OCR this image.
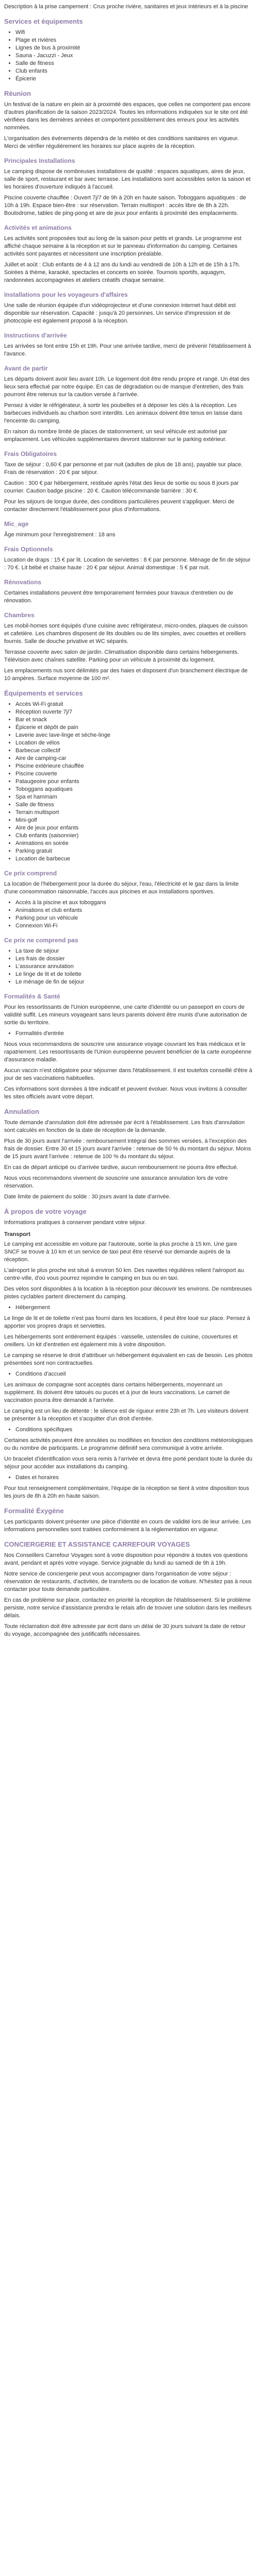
Description à la prise campement : Crus proche rivière, sanitaires et jeux intérieurs et à la piscine

Services et équipements
• Wifi
• Plage et rivières
• Lignes de bus à proximité
• Sauna - Jacuzzi - Jeux
• Salle de fitness
• Club enfants
• Épicerie
Réunion

Un festival de la nature en plein air à proximité des espaces, que celles ne comportent pas encore d'autres planification de la saison 2023/2024. Toutes les informations indiquées sur le site ont été vérifiées dans les dernières années et comportent possiblement des erreurs pour les activités nommées.

L'organisation des événements dépendra de la météo et des conditions sanitaires en vigueur. Merci de vérifier régulièrement les horaires sur place auprès de la réception.

Principales Installations

Le camping dispose de nombreuses installations de qualité : espaces aquatiques, aires de jeux, salle de sport, restaurant et bar avec terrasse. Les installations sont accessibles selon la saison et les horaires d'ouverture indiqués à l'accueil.

Piscine couverte chauffée : Ouvert 7j/7 de 9h à 20h en haute saison. Toboggans aquatiques : de 10h à 19h. Espace bien-être : sur réservation. Terrain multisport : accès libre de 8h à 22h. Boulodrome, tables de ping-pong et aire de jeux pour enfants à proximité des emplacements.

Activités et animations

Les activités sont proposées tout au long de la saison pour petits et grands. Le programme est affiché chaque semaine à la réception et sur le panneau d'information du camping. Certaines activités sont payantes et nécessitent une inscription préalable.

Juillet et août : Club enfants de 4 à 12 ans du lundi au vendredi de 10h à 12h et de 15h à 17h. Soirées à thème, karaoké, spectacles et concerts en soirée. Tournois sportifs, aquagym, randonnées accompagnées et ateliers créatifs chaque semaine.

Installations pour les voyageurs d'affaires

Une salle de réunion équipée d'un vidéoprojecteur et d'une connexion internet haut débit est disponible sur réservation. Capacité : jusqu'à 20 personnes. Un service d'impression et de photocopie est également proposé à la réception.

Instructions d'arrivée

Les arrivées se font entre 15h et 19h. Pour une arrivée tardive, merci de prévenir l'établissement à l'avance.

Avant de partir

Les départs doivent avoir lieu avant 10h. Le logement doit être rendu propre et rangé. Un état des lieux sera effectué par notre équipe. En cas de dégradation ou de manque d'entretien, des frais pourront être retenus sur la caution versée à l'arrivée.

Pensez à vider le réfrigérateur, à sortir les poubelles et à déposer les clés à la réception. Les barbecues individuels au charbon sont interdits. Les animaux doivent être tenus en laisse dans l'enceinte du camping.

En raison du nombre limité de places de stationnement, un seul véhicule est autorisé par emplacement. Les véhicules supplémentaires devront stationner sur le parking extérieur.

Frais Obligatoires

Taxe de séjour : 0,60 € par personne et par nuit (adultes de plus de 18 ans), payable sur place. Frais de réservation : 20 € par séjour.

Caution : 300 € par hébergement, restituée après l'état des lieux de sortie ou sous 8 jours par courrier. Caution badge piscine : 20 €. Caution télécommande barrière : 30 €.

Pour les séjours de longue durée, des conditions particulières peuvent s'appliquer. Merci de contacter directement l'établissement pour plus d'informations.

Mic_age

Âge minimum pour l'enregistrement : 18 ans

Frais Optionnels

Location de draps : 15 € par lit. Location de serviettes : 8 € par personne. Ménage de fin de séjour : 70 €. Lit bébé et chaise haute : 20 € par séjour. Animal domestique : 5 € par nuit.

Rénovations

Certaines installations peuvent être temporairement fermées pour travaux d'entretien ou de rénovation.

Chambres

Les mobil-homes sont équipés d'une cuisine avec réfrigérateur, micro-ondes, plaques de cuisson et cafetière. Les chambres disposent de lits doubles ou de lits simples, avec couettes et oreillers fournis. Salle de douche privative et WC séparés.

Terrasse couverte avec salon de jardin. Climatisation disponible dans certains hébergements. Télévision avec chaînes satellite. Parking pour un véhicule à proximité du logement.

Les emplacements nus sont délimités par des haies et disposent d'un branchement électrique de 10 ampères. Surface moyenne de 100 m².

Équipements et services
• Accès Wi-Fi gratuit
• Réception ouverte 7j/7
• Bar et snack
• Épicerie et dépôt de pain
• Laverie avec lave-linge et sèche-linge
• Location de vélos
• Barbecue collectif
• Aire de camping-car
• Piscine extérieure chauffée
• Piscine couverte
• Pataugeoire pour enfants
• Toboggans aquatiques
• Spa et hammam
• Salle de fitness
• Terrain multisport
• Mini-golf
• Aire de jeux pour enfants
• Club enfants (saisonnier)
• Animations en soirée
• Parking gratuit
• Location de barbecue
Ce prix comprend

La location de l'hébergement pour la durée du séjour, l'eau, l'électricité et le gaz dans la limite d'une consommation raisonnable, l'accès aux piscines et aux installations sportives.

• Accès à la piscine et aux toboggans
• Animations et club enfants
• Parking pour un véhicule
• Connexion Wi-Fi
Ce prix ne comprend pas
• La taxe de séjour
• Les frais de dossier
• L'assurance annulation
• Le linge de lit et de toilette
• Le ménage de fin de séjour
Formalités & Santé

Pour les ressortissants de l'Union européenne, une carte d'identité ou un passeport en cours de validité suffit. Les mineurs voyageant sans leurs parents doivent être munis d'une autorisation de sortie du territoire.

• Formalités d'entrée

Nous vous recommandons de souscrire une assurance voyage couvrant les frais médicaux et le rapatriement. Les ressortissants de l'Union européenne peuvent bénéficier de la carte européenne d'assurance maladie.

Aucun vaccin n'est obligatoire pour séjourner dans l'établissement. Il est toutefois conseillé d'être à jour de ses vaccinations habituelles.

Ces informations sont données à titre indicatif et peuvent évoluer. Nous vous invitons à consulter les sites officiels avant votre départ.

Annulation

Toute demande d'annulation doit être adressée par écrit à l'établissement. Les frais d'annulation sont calculés en fonction de la date de réception de la demande.

Plus de 30 jours avant l'arrivée : remboursement intégral des sommes versées, à l'exception des frais de dossier. Entre 30 et 15 jours avant l'arrivée : retenue de 50 % du montant du séjour. Moins de 15 jours avant l'arrivée : retenue de 100 % du montant du séjour.

En cas de départ anticipé ou d'arrivée tardive, aucun remboursement ne pourra être effectué.

Nous vous recommandons vivement de souscrire une assurance annulation lors de votre réservation.

Date limite de paiement du solde : 30 jours avant la date d'arrivée.

À propos de votre voyage

Informations pratiques à conserver pendant votre séjour.

Transport

Le camping est accessible en voiture par l'autoroute, sortie la plus proche à 15 km. Une gare SNCF se trouve à 10 km et un service de taxi peut être réservé sur demande auprès de la réception.

L'aéroport le plus proche est situé à environ 50 km. Des navettes régulières relient l'aéroport au centre-ville, d'où vous pourrez rejoindre le camping en bus ou en taxi.

Des vélos sont disponibles à la location à la réception pour découvrir les environs. De nombreuses pistes cyclables partent directement du camping.

• Hébergement

Le linge de lit et de toilette n'est pas fourni dans les locations, il peut être loué sur place. Pensez à apporter vos propres draps et serviettes.

Les hébergements sont entièrement équipés : vaisselle, ustensiles de cuisine, couvertures et oreillers. Un kit d'entretien est également mis à votre disposition.

Le camping se réserve le droit d'attribuer un hébergement équivalent en cas de besoin. Les photos présentées sont non contractuelles.

• Conditions d'accueil

Les animaux de compagnie sont acceptés dans certains hébergements, moyennant un supplément. Ils doivent être tatoués ou pucés et à jour de leurs vaccinations. Le carnet de vaccination pourra être demandé à l'arrivée.

Le camping est un lieu de détente : le silence est de rigueur entre 23h et 7h. Les visiteurs doivent se présenter à la réception et s'acquitter d'un droit d'entrée.

• Conditions spécifiques

Certaines activités peuvent être annulées ou modifiées en fonction des conditions météorologiques ou du nombre de participants. Le programme définitif sera communiqué à votre arrivée.

Un bracelet d'identification vous sera remis à l'arrivée et devra être porté pendant toute la durée du séjour pour accéder aux installations du camping.

• Dates et horaires

Pour tout renseignement complémentaire, l'équipe de la réception se tient à votre disposition tous les jours de 8h à 20h en haute saison.

Formalité Éxygène

Les participants doivent présenter une pièce d'identité en cours de validité lors de leur arrivée. Les informations personnelles sont traitées conformément à la réglementation en vigueur.

CONCIERGERIE ET ASSISTANCE CARREFOUR VOYAGES

Nos Conseillers Carrefour Voyages sont à votre disposition pour répondre à toutes vos questions avant, pendant et après votre voyage. Service joignable du lundi au samedi de 9h à 19h.

Notre service de conciergerie peut vous accompagner dans l'organisation de votre séjour : réservation de restaurants, d'activités, de transferts ou de location de voiture. N'hésitez pas à nous contacter pour toute demande particulière.

En cas de problème sur place, contactez en priorité la réception de l'établissement. Si le problème persiste, notre service d'assistance prendra le relais afin de trouver une solution dans les meilleurs délais.

Toute réclamation doit être adressée par écrit dans un délai de 30 jours suivant la date de retour du voyage, accompagnée des justificatifs nécessaires.
